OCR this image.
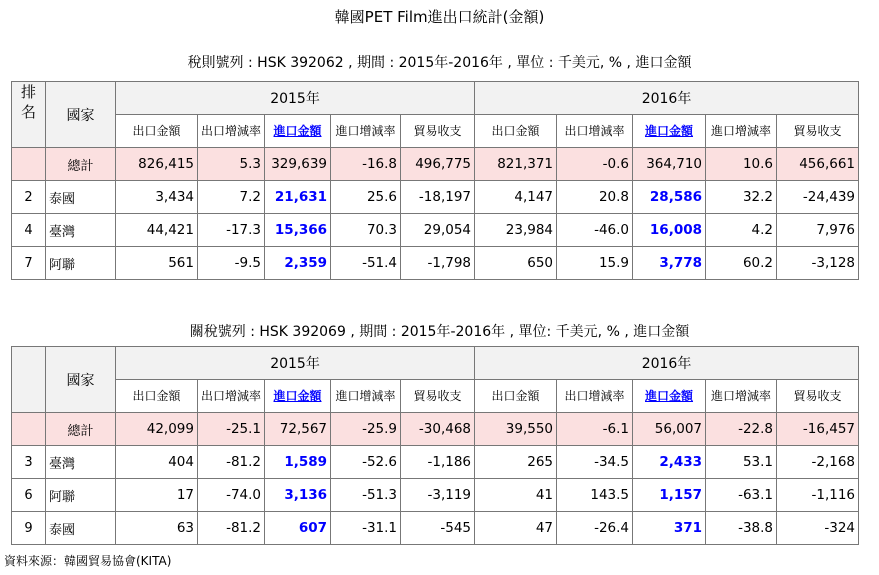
韓國PET Film進出口統計(金額)
稅則號列 : HSK 392062 , 期間 : 2015年-2016年 , 單位 : 千美元, % , 進口金額
排名	國家	2015年					2016年				
		出口金額	出口增減率	進口金額	進口增減率	貿易收支	出口金額	出口增減率	進口金額	進口增減率	貿易收支
	總計	826,415	5.3	329,639	-16.8	496,775	821,371	-0.6	364,710	10.6	456,661
2	泰國	3,434	7.2	21,631	25.6	-18,197	4,147	20.8	28,586	32.2	-24,439
4	臺灣	44,421	-17.3	15,366	70.3	29,054	23,984	-46.0	16,008	4.2	7,976
7	阿聯	561	-9.5	2,359	-51.4	-1,798	650	15.9	3,778	60.2	-3,128
關稅號列 : HSK 392069 , 期間 : 2015年-2016年 , 單位: 千美元, % , 進口金額
	國家	2015年					2016年				
		出口金額	出口增減率	進口金額	進口增減率	貿易收支	出口金額	出口增減率	進口金額	進口增減率	貿易收支
	總計	42,099	-25.1	72,567	-25.9	-30,468	39,550	-6.1	56,007	-22.8	-16,457
3	臺灣	404	-81.2	1,589	-52.6	-1,186	265	-34.5	2,433	53.1	-2,168
6	阿聯	17	-74.0	3,136	-51.3	-3,119	41	143.5	1,157	-63.1	-1,116
9	泰國	63	-81.2	607	-31.1	-545	47	-26.4	371	-38.8	-324
資料來源：韓國貿易協會(KITA)
